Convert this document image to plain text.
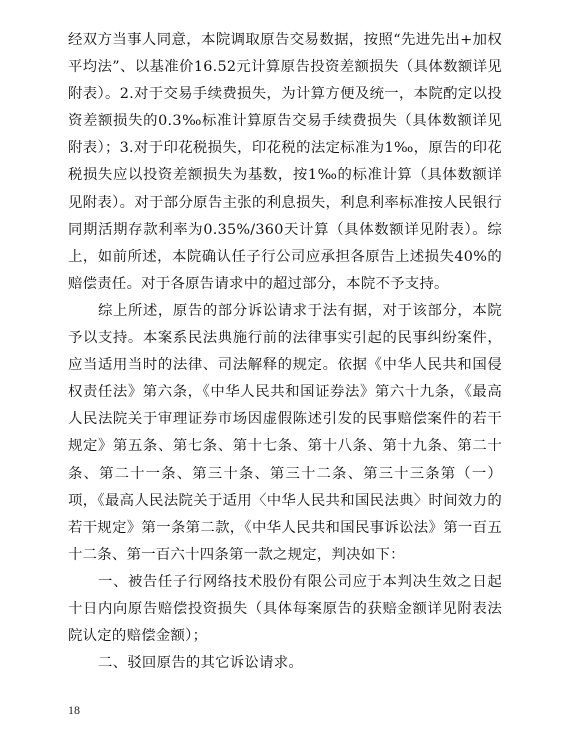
经双方当事人同意，本院调取原告交易数据，按照“先进先出+加权平均法”、以基准价16.52元计算原告投资差额损失（具体数额详见附表）。2.对于交易手续费损失，为计算方便及统一，本院酌定以投资差额损失的0.3‰标准计算原告交易手续费损失（具体数额详见附表）；3.对于印花税损失，印花税的法定标准为1‰，原告的印花税损失应以投资差额损失为基数，按1‰的标准计算（具体数额详见附表）。对于部分原告主张的利息损失，利息利率标准按人民银行同期活期存款利率为0.35%/360天计算（具体数额详见附表）。综上，如前所述，本院确认任子行公司应承担各原告上述损失40%的赔偿责任。对于各原告请求中的超过部分，本院不予支持。

综上所述，原告的部分诉讼请求于法有据，对于该部分，本院予以支持。本案系民法典施行前的法律事实引起的民事纠纷案件，应当适用当时的法律、司法解释的规定。依据《中华人民共和国侵权责任法》第六条，《中华人民共和国证券法》第六十九条，《最高人民法院关于审理证券市场因虚假陈述引发的民事赔偿案件的若干规定》第五条、第七条、第十七条、第十八条、第十九条、第二十条、第二十一条、第三十条、第三十二条、第三十三条第（一）项，《最高人民法院关于适用〈中华人民共和国民法典〉时间效力的若干规定》第一条第二款，《中华人民共和国民事诉讼法》第一百五十二条、第一百六十四条第一款之规定，判决如下：

一、被告任子行网络技术股份有限公司应于本判决生效之日起十日内向原告赔偿投资损失（具体每案原告的获赔金额详见附表法院认定的赔偿金额）；

二、驳回原告的其它诉讼请求。

18
